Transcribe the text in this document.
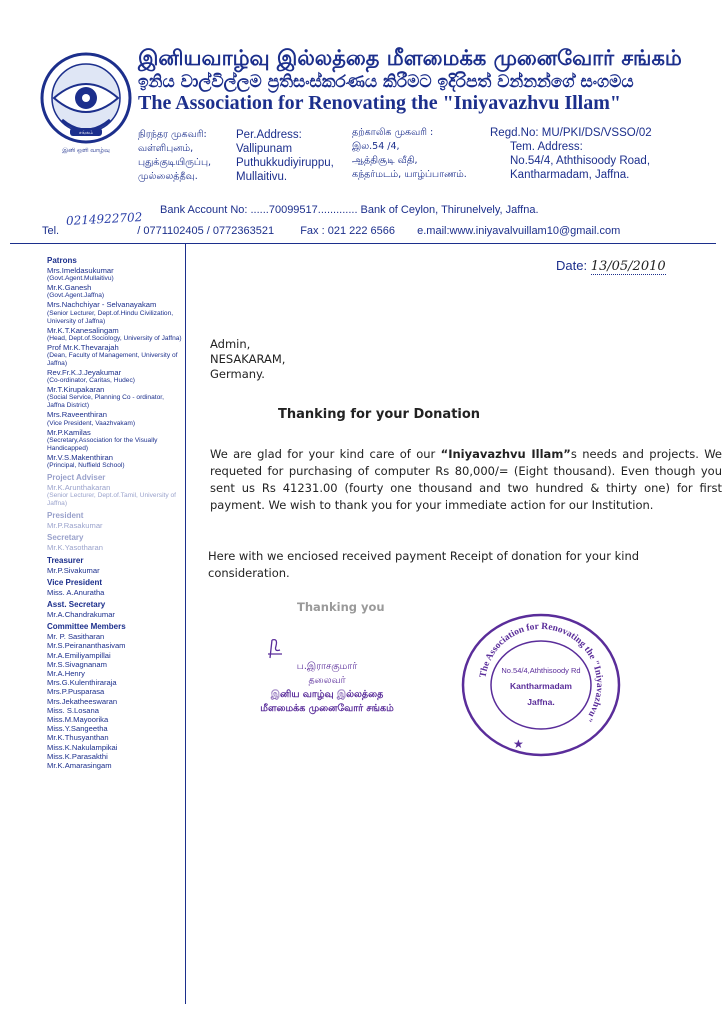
சங்கம்
இனி ஒளி வாழ்வு
இனியவாழ்வு இல்லத்தை மீளமைக்க முனைவோர் சங்கம்
ඉනිය වාල්විල්ලම ප්‍රතිසංස්කරණය කිරීමට ඉදිරිපත් වන්නන්ගේ සංගමය
The Association for Renovating the "Iniyavazhvu Illam"
நிரந்தர முகவரி:
வள்ளிபுனம்,
புதுக்குடியிருப்பு,
முல்லைத்தீவு.
Per.Address:
Vallipunam
Puthukkudiyiruppu,
Mullaitivu.
தற்காலிக முகவரி :
இல.54 /4,
ஆத்திசூடி வீதி,
கந்தர்மடம், யாழ்ப்பாணம்.
Regd.No: MU/PKI/DS/VSSO/02
Tem. Address:
No.54/4, Aththisoody Road,
Kantharmadam, Jaffna.
Bank Account No: ......70099517............. Bank of Ceylon, Thirunelvely, Jaffna.
0214922702
Tel.	/ 0771102405 / 0772363521 Fax : 021 222 6566 e.mail:www.iniyavalvuillam10@gmail.com
Patrons
Mrs.Imeldasukumar
(Govt.Agent.Mullaitivu)
Mr.K.Ganesh
(Govt.Agent.Jaffna)
Mrs.Nachchiyar - Selvanayakam
(Senior Lecturer, Dept.of.Hindu Civilization, University of Jaffna)
Mr.K.T.Kanesalingam
(Head, Dept.of.Sociology, University of Jaffna)
Prof Mr.K.Thevarajah
(Dean, Faculty of Management, University of Jaffna)
Rev.Fr.K.J.Jeyakumar
(Co-ordinator, Caritas, Hudec)
Mr.T.Kirupakaran
(Social Service, Planning Co - ordinator, Jaffna District)
Mrs.Raveenthiran
(Vice President, Vaazhvakam)
Mr.P.Kamilas
(Secretary,Association for the Visually Handicapped)
Mr.V.S.Makenthiran
(Principal, Nuffield School)
Project Adviser
Mr.K.Arunthakaran
(Senior Lecturer, Dept.of.Tamil, University of Jaffna)
President
Mr.P.Rasakumar
Secretary
Mr.K.Yasotharan
Treasurer
Mr.P.Sivakumar
Vice President
Miss. A.Anuratha
Asst. Secretary
Mr.A.Chandrakumar
Committee Members
Mr. P. Sasitharan
Mr.S.Peirananthasivam
Mr.A.Emiliyampillai
Mr.S.Sivagnanam
Mr.A.Henry
Mrs.G.Kulenthiraraja
Mrs.P.Pusparasa
Mrs.Jekatheeswaran
Miss. S.Losana
Miss.M.Mayoorika
Miss.Y.Sangeetha
Mr.K.Thusyanthan
Miss.K.Nakulampikai
Miss.K.Parasakthi
Mr.K.Amarasingam
Date: 13/05/2010
Admin,
NESAKARAM,
Germany.
Thanking for your Donation
We are glad for your kind care of our “Iniyavazhvu Illam”s needs and projects. We requeted for purchasing of computer Rs 80,000/= (Eight thousand). Even though you sent us Rs 41231.00 (fourty one thousand and two hundred & thirty one) for first payment. We wish to thank you for your immediate action for our Institution.
Here with we enciosed received payment Receipt of donation for your kind consideration.
Thanking you
ப.இராசகுமார்
தலைவர்
இனிய வாழ்வு இல்லத்தை
மீளமைக்க முனைவோர் சங்கம்
The Association for Renovating the "Iniyavazhvu"
No.54/4,Aththisoody Rd
Kantharmadam
Jaffna.
★
